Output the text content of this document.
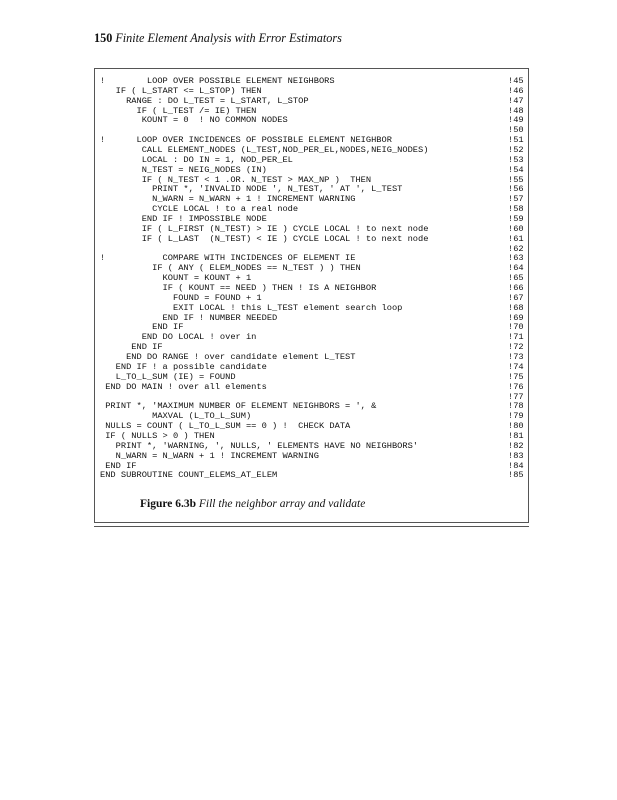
150 Finite Element Analysis with Error Estimators
!        LOOP OVER POSSIBLE ELEMENT NEIGHBORS	!45
IF ( L_START <= L_STOP) THEN	!46
RANGE : DO L_TEST = L_START, L_STOP	!47
IF ( L_TEST /= IE) THEN	!48
KOUNT = 0  ! NO COMMON NODES	!49
!50
!      LOOP OVER INCIDENCES OF POSSIBLE ELEMENT NEIGHBOR	!51
CALL ELEMENT_NODES (L_TEST,NOD_PER_EL,NODES,NEIG_NODES)	!52
LOCAL : DO IN = 1, NOD_PER_EL	!53
N_TEST = NEIG_NODES (IN)	!54
IF ( N_TEST < 1 .OR. N_TEST > MAX_NP )  THEN	!55
PRINT *, 'INVALID NODE ', N_TEST, ' AT ', L_TEST	!56
N_WARN = N_WARN + 1 ! INCREMENT WARNING	!57
CYCLE LOCAL ! to a real node	!58
END IF ! IMPOSSIBLE NODE	!59
IF ( L_FIRST (N_TEST) > IE ) CYCLE LOCAL ! to next node	!60
IF ( L_LAST  (N_TEST) < IE ) CYCLE LOCAL ! to next node	!61
!62
!           COMPARE WITH INCIDENCES OF ELEMENT IE	!63
IF ( ANY ( ELEM_NODES == N_TEST ) ) THEN	!64
KOUNT = KOUNT + 1	!65
IF ( KOUNT == NEED ) THEN ! IS A NEIGHBOR	!66
FOUND = FOUND + 1	!67
EXIT LOCAL ! this L_TEST element search loop	!68
END IF ! NUMBER NEEDED	!69
END IF	!70
END DO LOCAL ! over in	!71
END IF	!72
END DO RANGE ! over candidate element L_TEST	!73
END IF ! a possible candidate	!74
L_TO_L_SUM (IE) = FOUND	!75
END DO MAIN ! over all elements	!76
!77
PRINT *, 'MAXIMUM NUMBER OF ELEMENT NEIGHBORS = ', &	!78
MAXVAL (L_TO_L_SUM)	!79
NULLS = COUNT ( L_TO_L_SUM == 0 ) !  CHECK DATA	!80
IF ( NULLS > 0 ) THEN	!81
PRINT *, 'WARNING, ', NULLS, ' ELEMENTS HAVE NO NEIGHBORS'	!82
N_WARN = N_WARN + 1 ! INCREMENT WARNING	!83
END IF	!84
END SUBROUTINE COUNT_ELEMS_AT_ELEM	!85
Figure 6.3b Fill the neighbor array and validate
